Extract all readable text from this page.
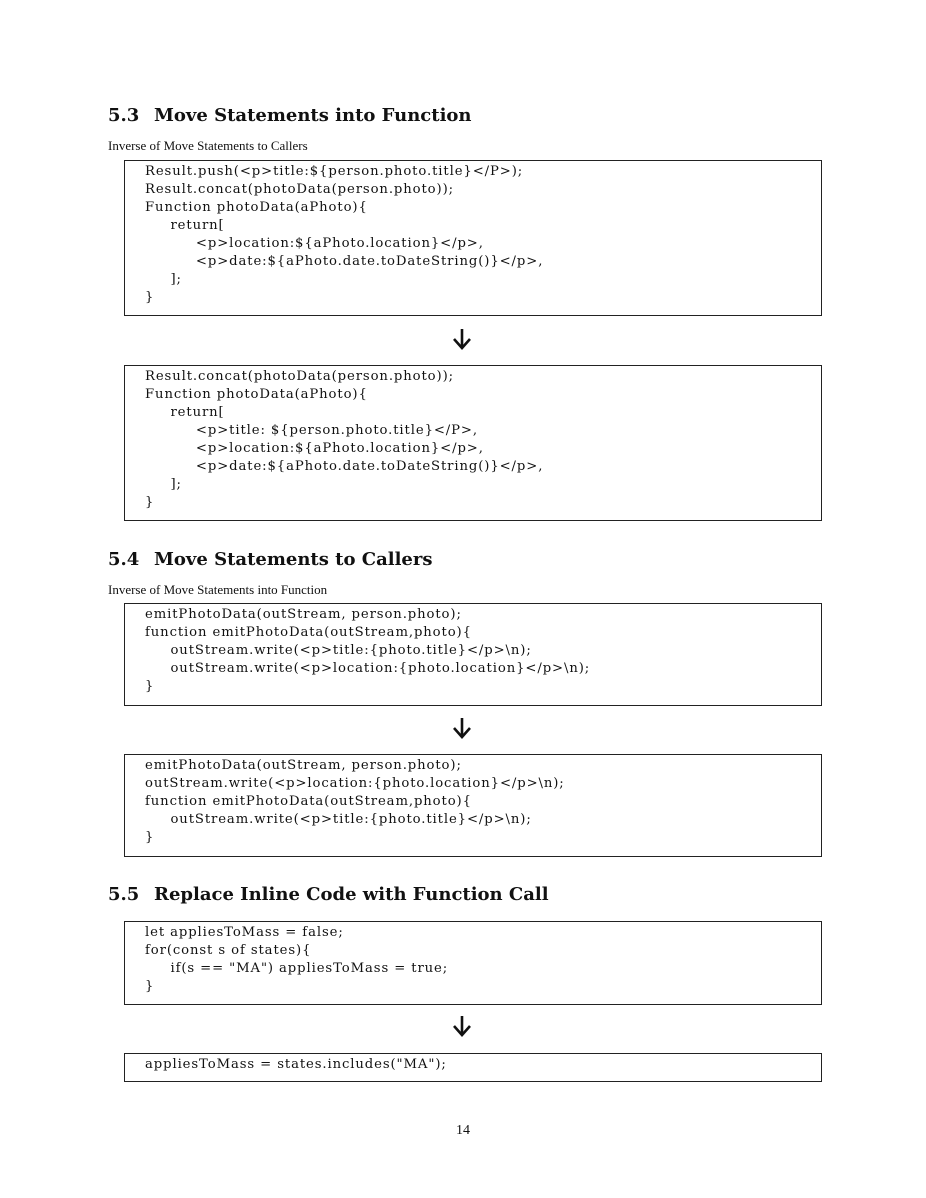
5.3 Move Statements into Function

Inverse of Move Statements to Callers

Result.push(<p>title:${person.photo.title}</P>);
Result.concat(photoData(person.photo));
Function photoData(aPhoto){
return[
<p>location:${aPhoto.location}</p>,
<p>date:${aPhoto.date.toDateString()}</p>,
];
}
Result.concat(photoData(person.photo));
Function photoData(aPhoto){
return[
<p>title: ${person.photo.title}</P>,
<p>location:${aPhoto.location}</p>,
<p>date:${aPhoto.date.toDateString()}</p>,
];
}
5.4 Move Statements to Callers

Inverse of Move Statements into Function

emitPhotoData(outStream, person.photo);
function emitPhotoData(outStream,photo){
outStream.write(<p>title:{photo.title}</p>\n);
outStream.write(<p>location:{photo.location}</p>\n);
}
emitPhotoData(outStream, person.photo);
outStream.write(<p>location:{photo.location}</p>\n);
function emitPhotoData(outStream,photo){
outStream.write(<p>title:{photo.title}</p>\n);
}
5.5 Replace Inline Code with Function Call
let appliesToMass = false;
for(const s of states){
if(s == "MA") appliesToMass = true;
}
appliesToMass = states.includes("MA");
14
